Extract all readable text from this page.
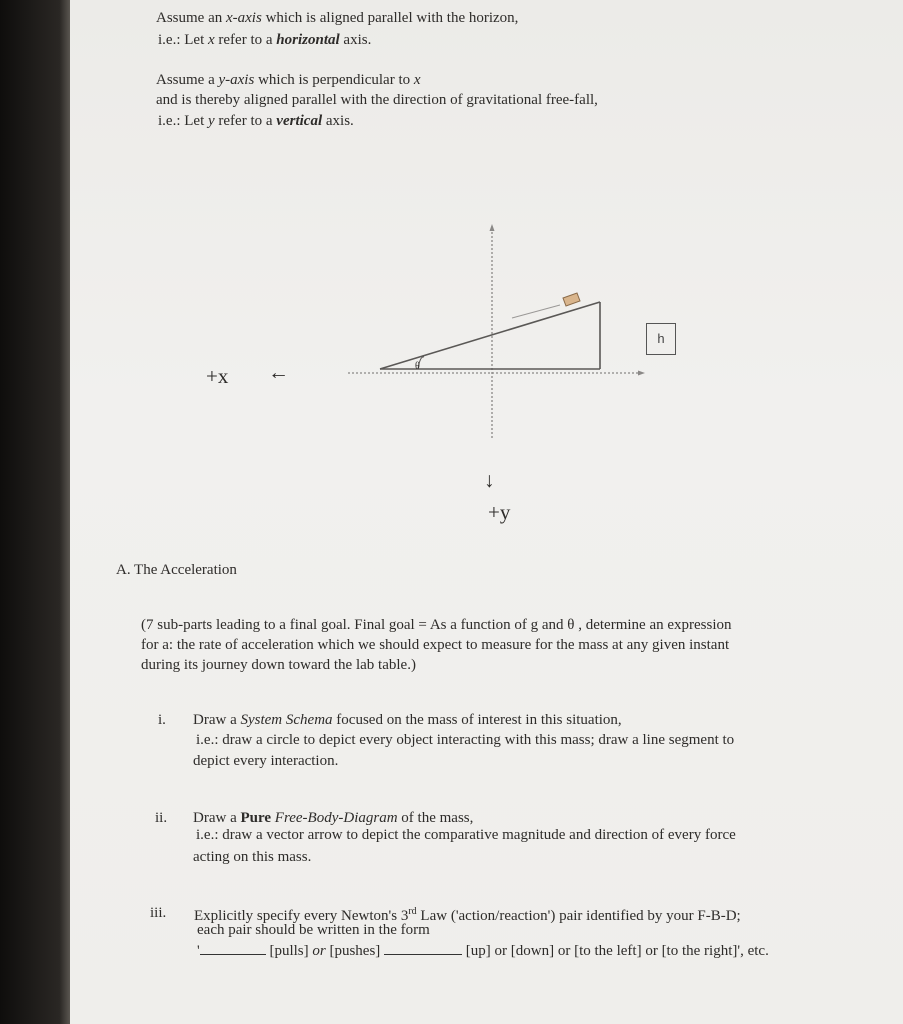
Assume an x-axis which is aligned parallel with the horizon,
i.e.: Let x refer to a horizontal axis.
Assume a y-axis which is perpendicular to x
and is thereby aligned parallel with the direction of gravitational free-fall,
i.e.: Let y refer to a vertical axis.
θ
h
+x ←
↓
+y
A. The Acceleration
(7 sub-parts leading to a final goal. Final goal = As a function of g and θ , determine an expression
for a: the rate of acceleration which we should expect to measure for the mass at any given instant
during its journey down toward the lab table.)
i. Draw a System Schema focused on the mass of interest in this situation,
i.e.: draw a circle to depict every object interacting with this mass; draw a line segment to
depict every interaction.
ii. Draw a Pure Free-Body-Diagram of the mass,
i.e.: draw a vector arrow to depict the comparative magnitude and direction of every force
acting on this mass.
iii. Explicitly specify every Newton's 3rd Law ('action/reaction') pair identified by your F-B-D;
each pair should be written in the form
'	[pulls] or [pushes]	[up] or [down] or [to the left] or [to the right]', etc.
